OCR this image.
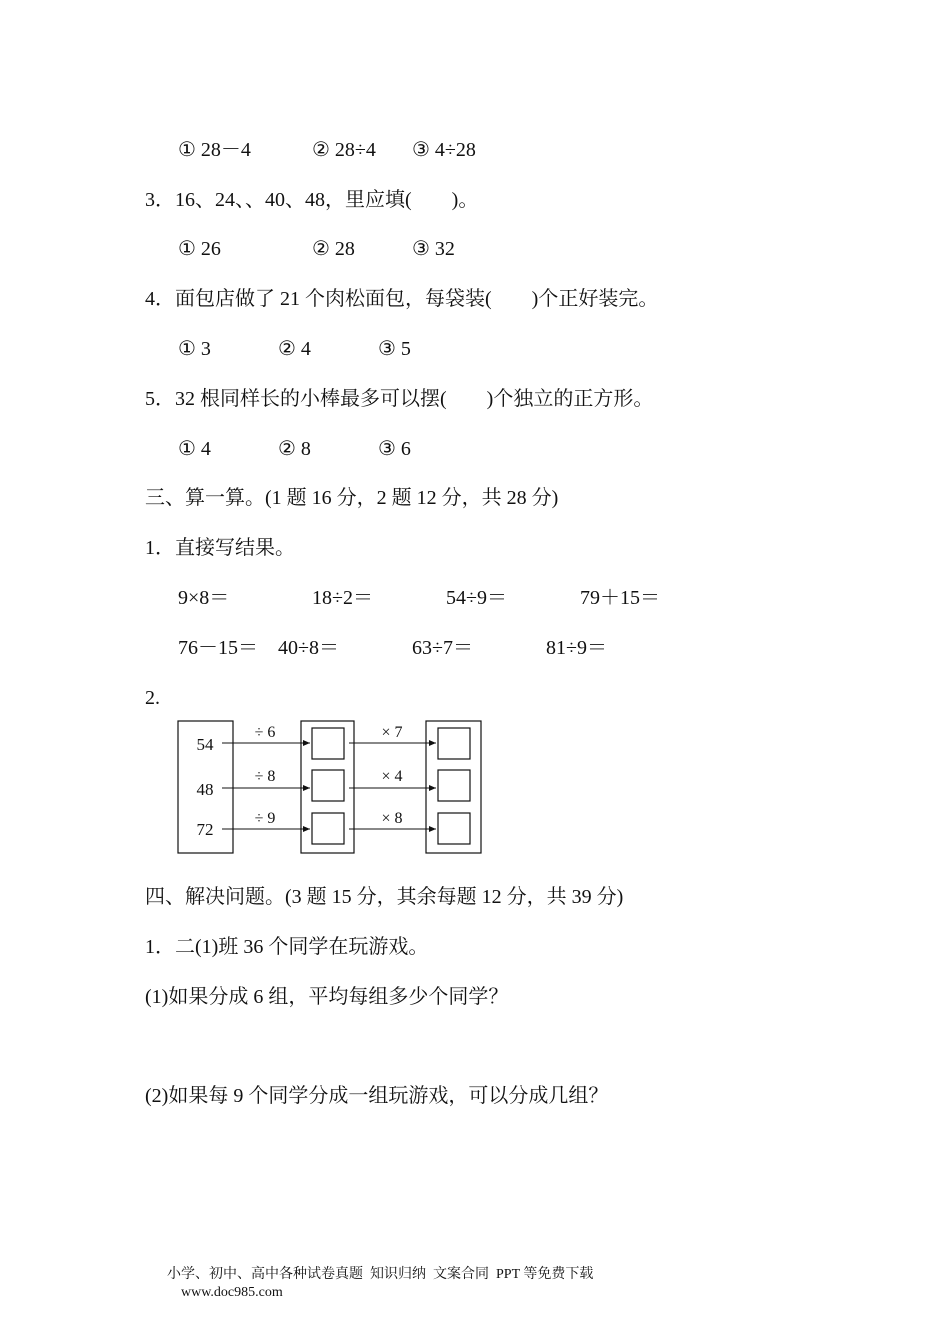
① 28－4	② 28÷4 ③ 4÷28
3．16、24、、40、48，里应填(　　)。
① 26	② 28	③ 32
4．面包店做了 21 个肉松面包，每袋装(　　)个正好装完。
① 3	② 4	③ 5
5．32 根同样长的小棒最多可以摆(　　)个独立的正方形。
① 4	② 8	③ 6
三、算一算。(1 题 16 分，2 题 12 分，共 28 分)
1．直接写结果。
9×8＝	18÷2＝	54÷9＝	79＋15＝
76－15＝ 40÷8＝	63÷7＝	81÷9＝
2.
54
48
72
÷ 6
÷ 8
÷ 9
× 7
× 4
× 8
四、解决问题。(3 题 15 分，其余每题 12 分，共 39 分)
1．二(1)班 36 个同学在玩游戏。
(1)如果分成 6 组，平均每组多少个同学？
(2)如果每 9 个同学分成一组玩游戏，可以分成几组？

小学、初中、高中各种试卷真题  知识归纳  文案合同  PPT 等免费下载
www.doc985.com
